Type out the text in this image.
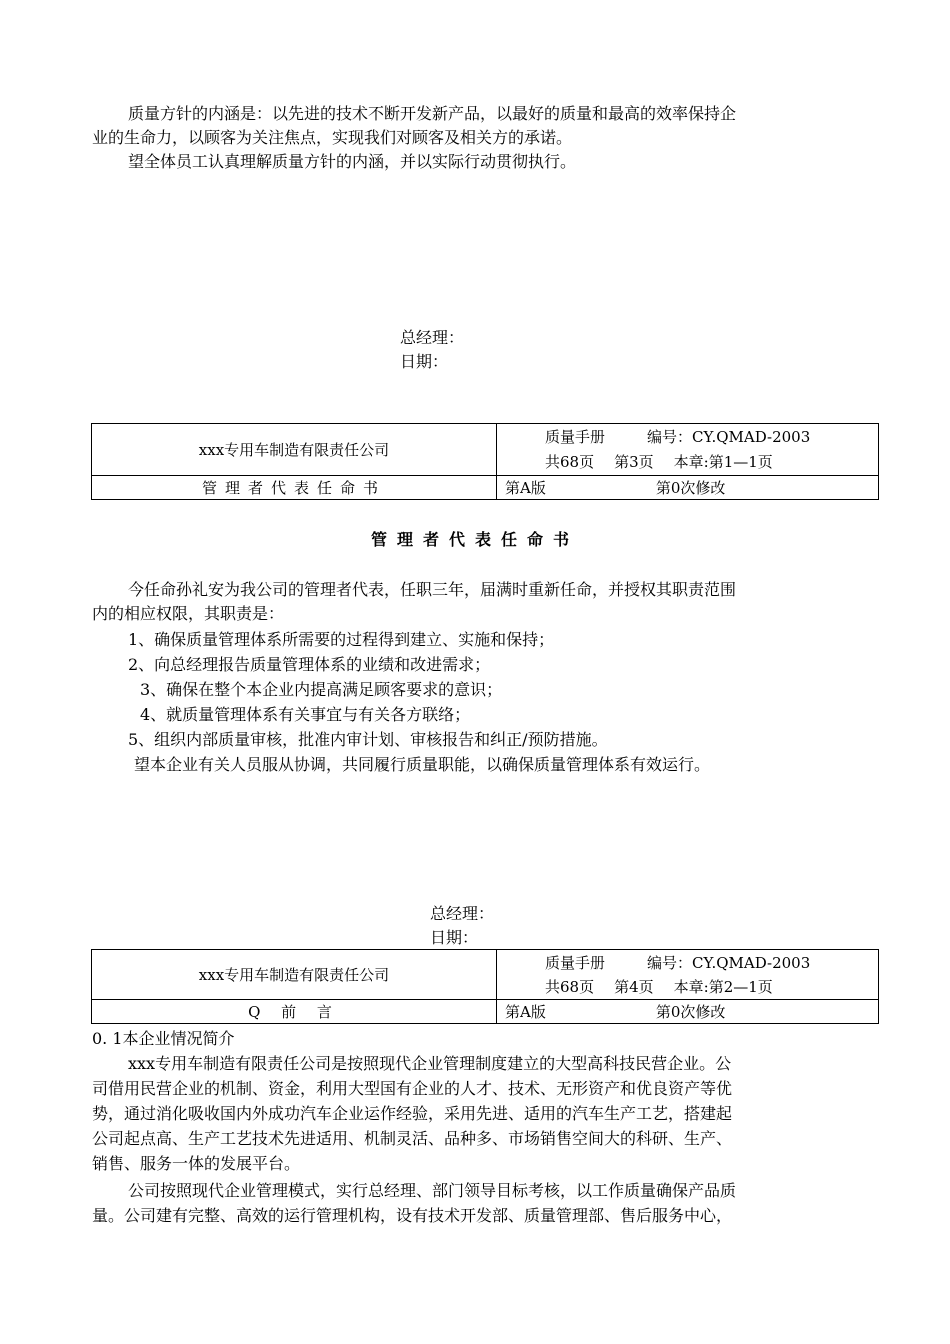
质量方针的内涵是：以先进的技术不断开发新产品，以最好的质量和最高的效率保持企
业的生命力，以顾客为关注焦点，实现我们对顾客及相关方的承诺。
望全体员工认真理解质量方针的内涵，并以实际行动贯彻执行。
总经理：
日期：
xxx专用车制造有限责任公司	质量手册 编号：CY.QMAD-2003
共68页 第3页 本章:第1—1页

管理者代表任命书	第A版 第0次修改
管理者代表任命书
今任命孙礼安为我公司的管理者代表，任职三年，届满时重新任命，并授权其职责范围
内的相应权限，其职责是：
1、确保质量管理体系所需要的过程得到建立、实施和保持；
2、向总经理报告质量管理体系的业绩和改进需求；
3、确保在整个本企业内提高满足顾客要求的意识；
4、就质量管理体系有关事宜与有关各方联络；
5、组织内部质量审核，批准内审计划、审核报告和纠正/预防措施。
望本企业有关人员服从协调，共同履行质量职能，以确保质量管理体系有效运行。
总经理：
日期：
xxx专用车制造有限责任公司	质量手册 编号：CY.QMAD-2003
共68页 第4页 本章:第2—1页

Q 前 言	第A版 第0次修改
0. 1本企业情况简介
xxx专用车制造有限责任公司是按照现代企业管理制度建立的大型高科技民营企业。公
司借用民营企业的机制、资金，利用大型国有企业的人才、技术、无形资产和优良资产等优
势，通过消化吸收国内外成功汽车企业运作经验，采用先进、适用的汽车生产工艺，搭建起
公司起点高、生产工艺技术先进适用、机制灵活、品种多、市场销售空间大的科研、生产、
销售、服务一体的发展平台。
公司按照现代企业管理模式，实行总经理、部门领导目标考核，以工作质量确保产品质
量。公司建有完整、高效的运行管理机构，设有技术开发部、质量管理部、售后服务中心，
